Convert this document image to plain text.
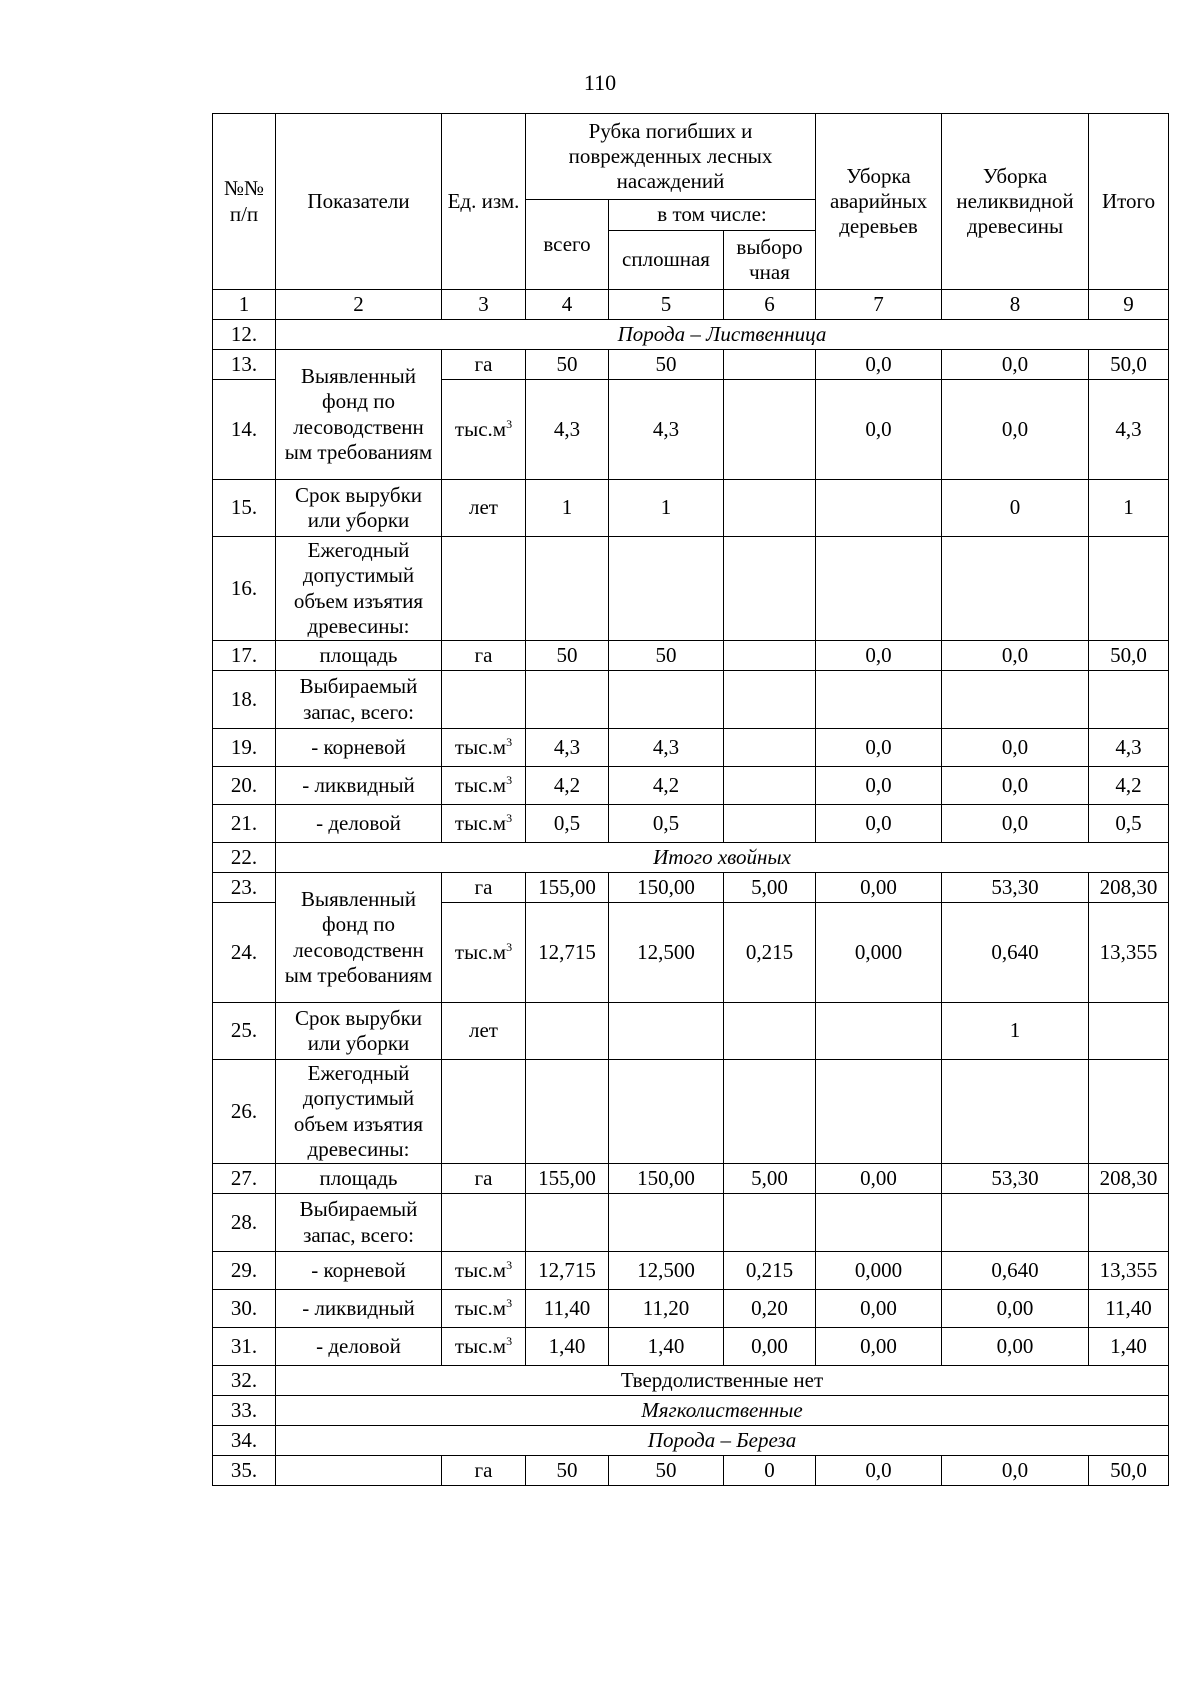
110
№№ п/п	Показатели	Ед. изм.	Рубка погибших и поврежденных лесных насаждений			Уборка аварийных деревьев	Уборка неликвидной древесины	Итого
			всего	в том числе:				
				сплошная	выборо чная			
1	2	3	4	5	6	7	8	9
12.	Порода – Лиственница							
13.	Выявленный фонд по лесоводственн ым требованиям	га	50	50		0,0	0,0	50,0
14.		$тыс.м^3$	4,3	4,3		0,0	0,0	4,3
15.	Срок вырубки или уборки	лет	1	1			0	1
16.	Ежегодный допустимый объем изъятия древесины:							
17.	площадь	га	50	50		0,0	0,0	50,0
18.	Выбираемый запас, всего:							
19.	- корневой	$тыс.м^3$	4,3	4,3		0,0	0,0	4,3
20.	- ликвидный	$тыс.м^3$	4,2	4,2		0,0	0,0	4,2
21.	- деловой	$тыс.м^3$	0,5	0,5		0,0	0,0	0,5
22.	Итого хвойных							
23.	Выявленный фонд по лесоводственн ым требованиям	га	155,00	150,00	5,00	0,00	53,30	208,30
24.		$тыс.м^3$	12,715	12,500	0,215	0,000	0,640	13,355
25.	Срок вырубки или уборки	лет					1	
26.	Ежегодный допустимый объем изъятия древесины:							
27.	площадь	га	155,00	150,00	5,00	0,00	53,30	208,30
28.	Выбираемый запас, всего:							
29.	- корневой	$тыс.м^3$	12,715	12,500	0,215	0,000	0,640	13,355
30.	- ликвидный	$тыс.м^3$	11,40	11,20	0,20	0,00	0,00	11,40
31.	- деловой	$тыс.м^3$	1,40	1,40	0,00	0,00	0,00	1,40
32.	Твердолиственные нет							
33.	Мягколиственные							
34.	Порода – Береза							
35.		га	50	50	0	0,0	0,0	50,0
